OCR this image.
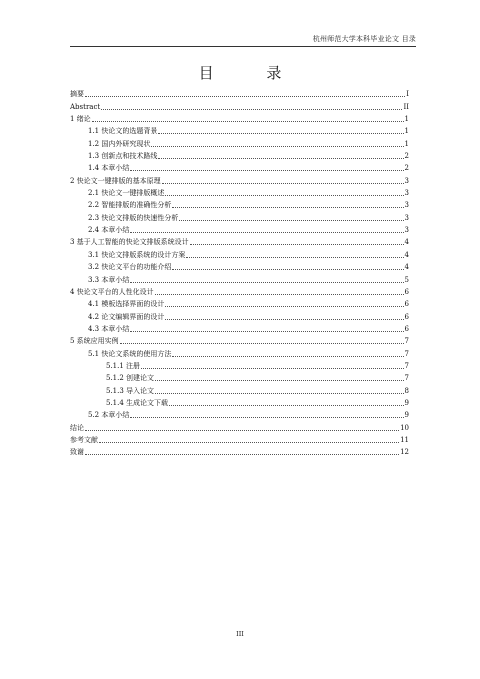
杭州师范大学本科毕业论文 目录
目 录
摘要	I
Abstract	II
1 绪论	1
1.1 快论文的选题背景	1
1.2 国内外研究现状	1
1.3 创新点和技术路线	2
1.4 本章小结	2
2 快论文一键排版的基本原理	3
2.1 快论文一键排版概述	3
2.2 智能排版的准确性分析	3
2.3 快论文排版的快速性分析	3
2.4 本章小结	3
3 基于人工智能的快论文排版系统设计	4
3.1 快论文排版系统的设计方案	4
3.2 快论文平台的功能介绍	4
3.3 本章小结	5
4 快论文平台的人性化设计	6
4.1 模板选择界面的设计	6
4.2 论文编辑界面的设计	6
4.3 本章小结	6
5 系统应用实例	7
5.1 快论文系统的使用方法	7
5.1.1 注册	7
5.1.2 创建论文	7
5.1.3 导入论文	8
5.1.4 生成论文下载	9
5.2 本章小结	9
结论	10
参考文献	11
致谢	12
III
